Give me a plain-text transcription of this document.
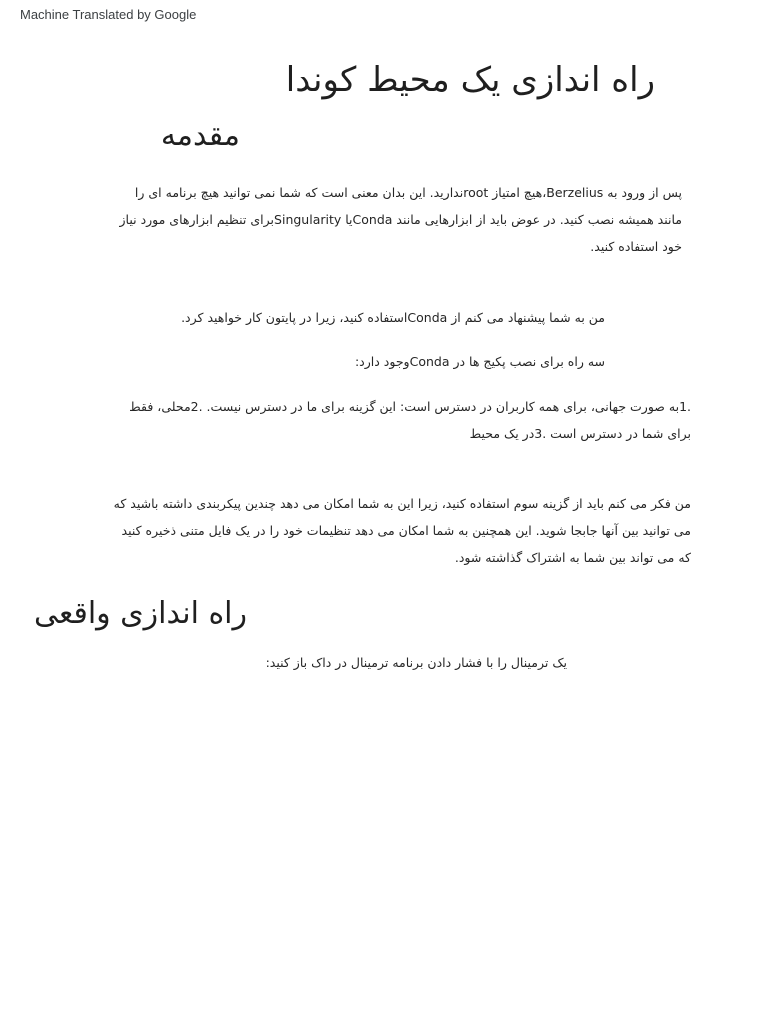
Machine Translated by Google
راه اندازی یک محیط کوندا
مقدمه
پس از ورود به Berzelius،هیچ امتیاز rootندارید. این بدان معنی است که شما نمی توانید هیچ برنامه ای را
مانند همیشه نصب کنید. در عوض باید از ابزارهایی مانند Condaیا Singularityبرای تنظیم ابزارهای مورد نیاز
خود استفاده کنید.
من به شما پیشنهاد می کنم از Condaاستفاده کنید، زیرا در پایتون کار خواهید کرد.
سه راه برای نصب پکیج ها در Condaوجود دارد:
.1به صورت جهانی، برای همه کاربران در دسترس است: این گزینه برای ما در دسترس نیست. .2محلی، فقط
برای شما در دسترس است .3در یک محیط
من فکر می کنم باید از گزینه سوم استفاده کنید، زیرا این به شما امکان می دهد چندین پیکربندی داشته باشید که
می توانید بین آنها جابجا شوید. این همچنین به شما امکان می دهد تنظیمات خود را در یک فایل متنی ذخیره کنید
که می تواند بین شما به اشتراک گذاشته شود.
راه اندازی واقعی
یک ترمینال را با فشار دادن برنامه ترمینال در داک باز کنید:
